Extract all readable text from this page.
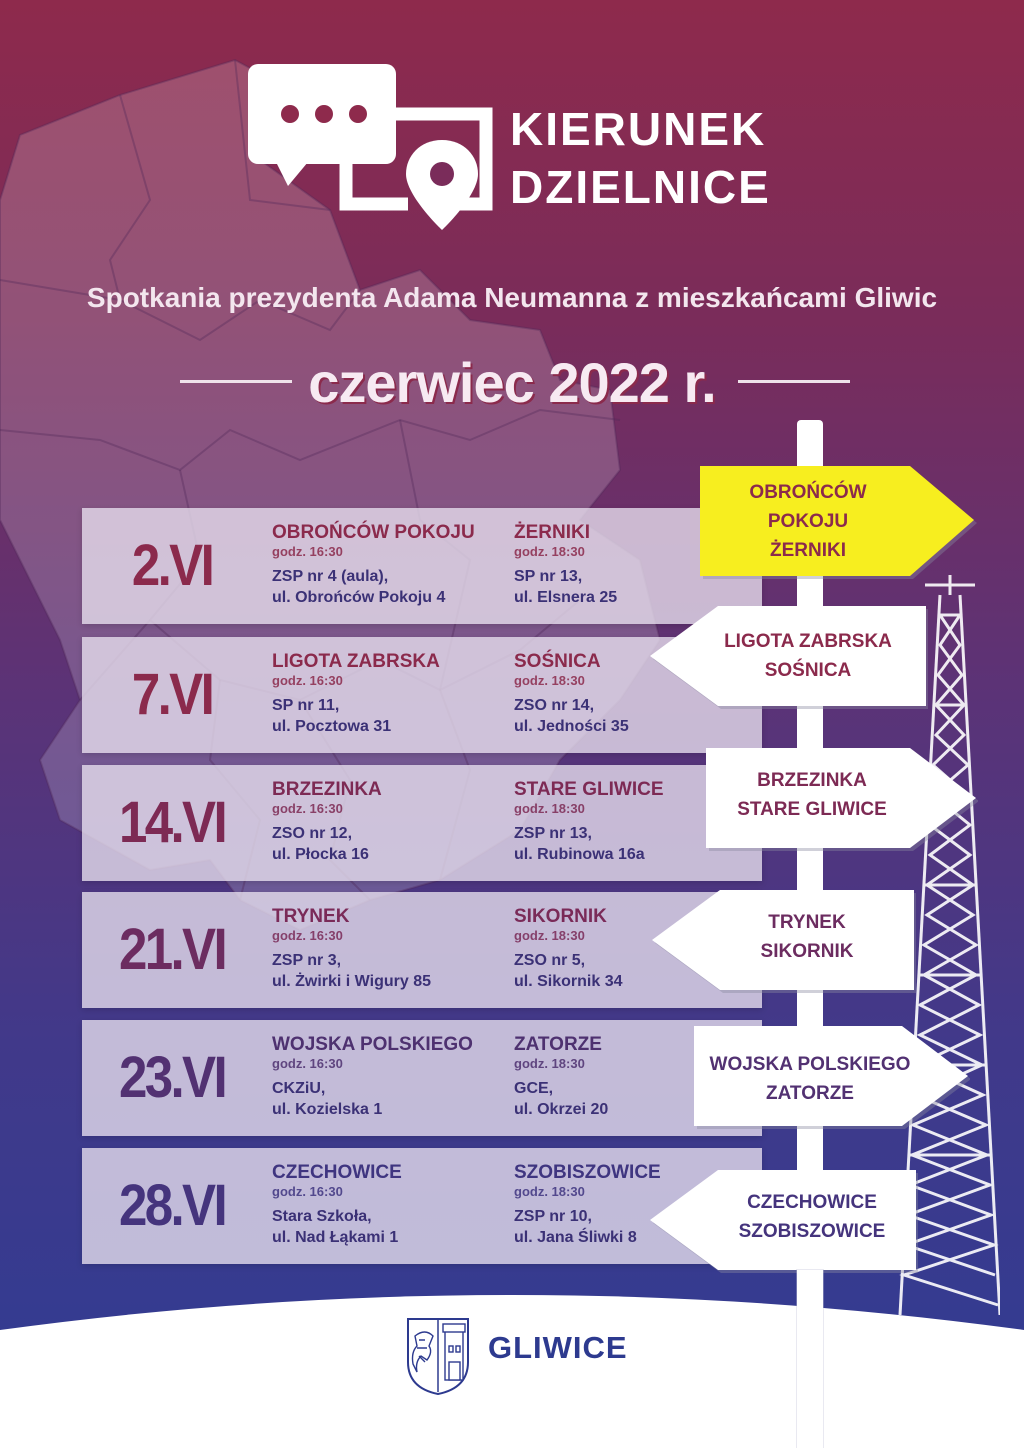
KIERUNEK
DZIELNICE
Spotkania prezydenta Adama Neumanna z mieszkańcami Gliwic
czerwiec 2022 r.
2.VI
OBROŃCÓW POKOJU
godz. 16:30
ZSP nr 4 (aula),
ul. Obrońców Pokoju 4
ŻERNIKI
godz. 18:30
SP nr 13,
ul. Elsnera 25
7.VI
LIGOTA ZABRSKA
godz. 16:30
SP nr 11,
ul. Pocztowa 31
SOŚNICA
godz. 18:30
ZSO nr 14,
ul. Jedności 35
14.VI
BRZEZINKA
godz. 16:30
ZSO nr 12,
ul. Płocka 16
STARE GLIWICE
godz. 18:30
ZSP nr 13,
ul. Rubinowa 16a
21.VI
TRYNEK
godz. 16:30
ZSP nr 3,
ul. Żwirki i Wigury 85
SIKORNIK
godz. 18:30
ZSO nr 5,
ul. Sikornik 34
23.VI
WOJSKA POLSKIEGO
godz. 16:30
CKZiU,
ul. Kozielska 1
ZATORZE
godz. 18:30
GCE,
ul. Okrzei 20
28.VI
CZECHOWICE
godz. 16:30
Stara Szkoła,
ul. Nad Łąkami 1
SZOBISZOWICE
godz. 18:30
ZSP nr 10,
ul. Jana Śliwki 8
OBROŃCÓW
POKOJU
ŻERNIKI
LIGOTA ZABRSKA
SOŚNICA
BRZEZINKA
STARE GLIWICE
TRYNEK
SIKORNIK
WOJSKA POLSKIEGO
ZATORZE
CZECHOWICE
SZOBISZOWICE
GLIWICE
